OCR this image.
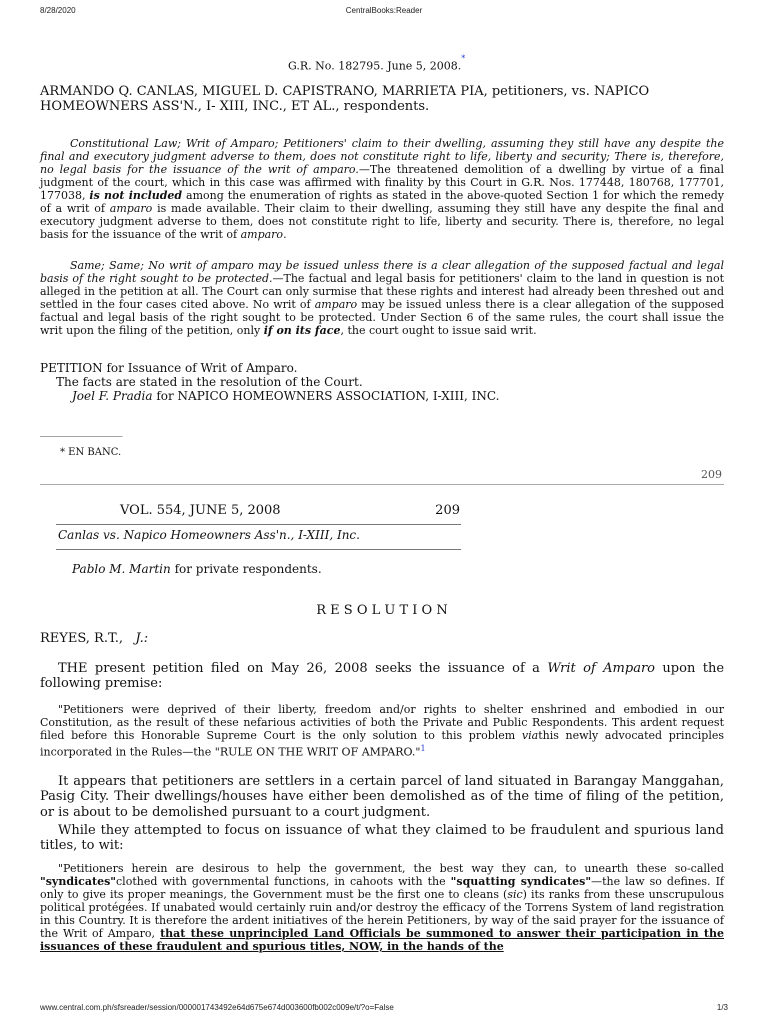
8/28/2020	CentralBooks:Reader
G.R. No. 182795. June 5, 2008.*
ARMANDO Q. CANLAS, MIGUEL D. CAPISTRANO, MARRIETA PIA, petitioners, vs. NAPICO HOMEOWNERS ASS'N., I- XIII, INC., ET AL., respondents.
Constitutional Law; Writ of Amparo; Petitioners' claim to their dwelling, assuming they still have any despite the final and executory judgment adverse to them, does not constitute right to life, liberty and security; There is, therefore, no legal basis for the issuance of the writ of amparo.—The threatened demolition of a dwelling by virtue of a final judgment of the court, which in this case was affirmed with finality by this Court in G.R. Nos. 177448, 180768, 177701, 177038, is not included among the enumeration of rights as stated in the above-quoted Section 1 for which the remedy of a writ of amparo is made available. Their claim to their dwelling, assuming they still have any despite the final and executory judgment adverse to them, does not constitute right to life, liberty and security. There is, therefore, no legal basis for the issuance of the writ of amparo.
Same; Same; No writ of amparo may be issued unless there is a clear allegation of the supposed factual and legal basis of the right sought to be protected.—The factual and legal basis for petitioners' claim to the land in question is not alleged in the petition at all. The Court can only surmise that these rights and interest had already been threshed out and settled in the four cases cited above. No writ of amparo may be issued unless there is a clear allegation of the supposed factual and legal basis of the right sought to be protected. Under Section 6 of the same rules, the court shall issue the writ upon the filing of the petition, only if on its face, the court ought to issue said writ.
PETITION for Issuance of Writ of Amparo.
The facts are stated in the resolution of the Court.
Joel F. Pradia for NAPICO HOMEOWNERS ASSOCIATION, I-XIII, INC.
_______________
* EN BANC.
209
VOL. 554, JUNE 5, 2008	209
Canlas vs. Napico Homeowners Ass'n., I-XIII, Inc.
Pablo M. Martin for private respondents.
R E S O L U T I O N
REYES, R.T., J.:
THE present petition filed on May 26, 2008 seeks the issuance of a Writ of Amparo upon the following premise:
"Petitioners were deprived of their liberty, freedom and/or rights to shelter enshrined and embodied in our Constitution, as the result of these nefarious activities of both the Private and Public Respondents. This ardent request filed before this Honorable Supreme Court is the only solution to this problem viathis newly advocated principles incorporated in the Rules—the "RULE ON THE WRIT OF AMPARO."$^1$
It appears that petitioners are settlers in a certain parcel of land situated in Barangay Manggahan, Pasig City. Their dwellings/houses have either been demolished as of the time of filing of the petition, or is about to be demolished pursuant to a court judgment.
While they attempted to focus on issuance of what they claimed to be fraudulent and spurious land titles, to wit:
"Petitioners herein are desirous to help the government, the best way they can, to unearth these so-called "syndicates"clothed with governmental functions, in cahoots with the "squatting syndicates"—the law so defines. If only to give its proper meanings, the Government must be the first one to cleans (sic) its ranks from these unscrupulous political protégées. If unabated would certainly ruin and/or destroy the efficacy of the Torrens System of land registration in this Country. It is therefore the ardent initiatives of the herein Petitioners, by way of the said prayer for the issuance of the Writ of Amparo, that these unprincipled Land Officials be summoned to answer their participation in the issuances of these fraudulent and spurious titles, NOW, in the hands of the
www.central.com.ph/sfsreader/session/000001743492e64d675e674d003600fb002c009e/t/?o=False	1/3
